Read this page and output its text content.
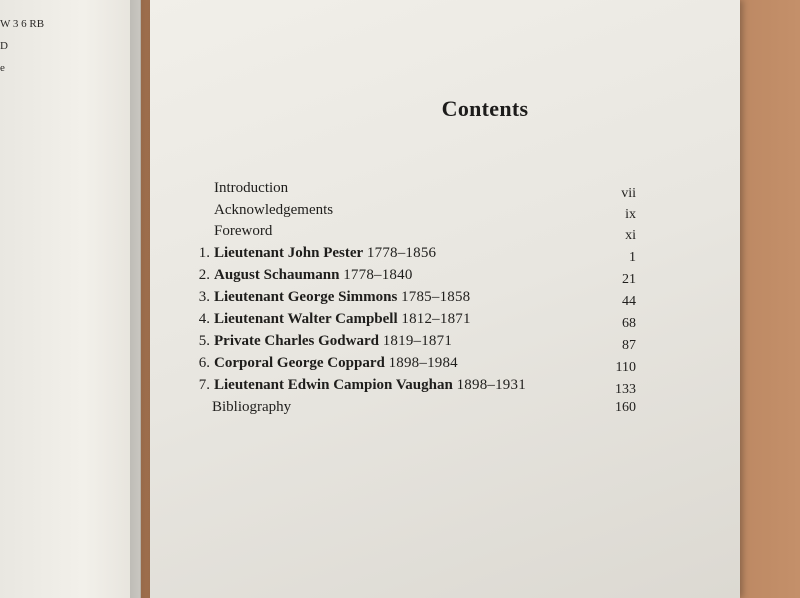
W 3 6 RB
D
e
Contents
Introduction	vii
Acknowledgements	ix
Foreword	xi
1. Lieutenant John Pester 1778–1856	1
2. August Schaumann 1778–1840	21
3. Lieutenant George Simmons 1785–1858	44
4. Lieutenant Walter Campbell 1812–1871	68
5. Private Charles Godward 1819–1871	87
6. Corporal George Coppard 1898–1984	110
7. Lieutenant Edwin Campion Vaughan 1898–1931	133
Bibliography	160
